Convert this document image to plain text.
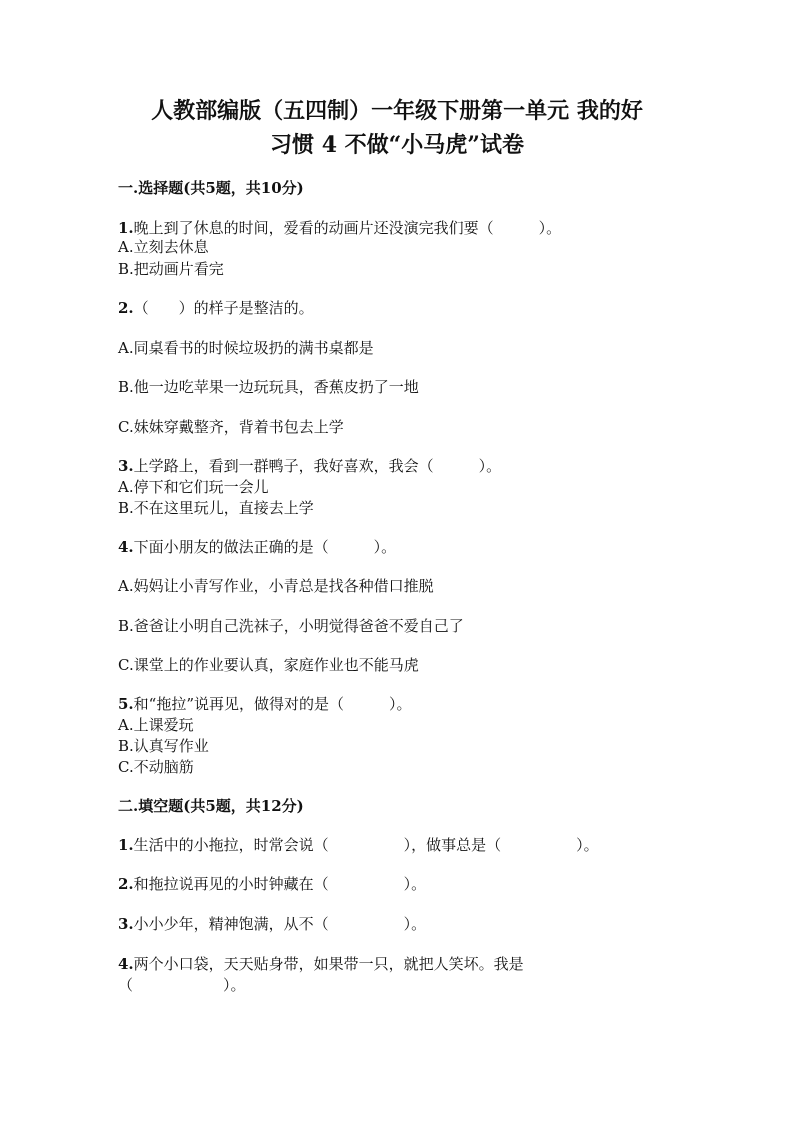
人教部编版（五四制）一年级下册第一单元 我的好
习惯 4 不做“小马虎”试卷
一.选择题(共5题，共10分)
1.晚上到了休息的时间，爱看的动画片还没演完我们要（　　　）。
A.立刻去休息
B.把动画片看完
2.（　　）的样子是整洁的。
A.同桌看书的时候垃圾扔的满书桌都是
B.他一边吃苹果一边玩玩具，香蕉皮扔了一地
C.妹妹穿戴整齐，背着书包去上学
3.上学路上，看到一群鸭子，我好喜欢，我会（　　　）。
A.停下和它们玩一会儿
B.不在这里玩儿，直接去上学
4.下面小朋友的做法正确的是（　　　）。
A.妈妈让小青写作业，小青总是找各种借口推脱
B.爸爸让小明自己洗袜子，小明觉得爸爸不爱自己了
C.课堂上的作业要认真，家庭作业也不能马虎
5.和“拖拉”说再见，做得对的是（　　　）。
A.上课爱玩
B.认真写作业
C.不动脑筋
二.填空题(共5题，共12分)
1.生活中的小拖拉，时常会说（　　　　　），做事总是（　　　　　）。
2.和拖拉说再见的小时钟藏在（　　　　　）。
3.小小少年，精神饱满，从不（　　　　　）。
4.两个小口袋，天天贴身带，如果带一只，就把人笑坏。我是
（　　　　　　）。
